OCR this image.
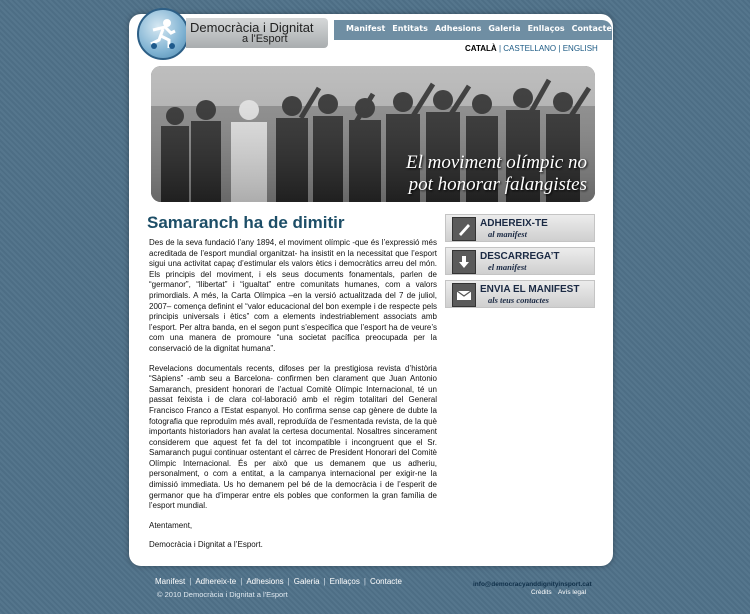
Democràcia i Dignitat
a l'Esport
Manifest Entitats Adhesions Galeria Enllaços Contacte
CATALÀ | CASTELLANO | ENGLISH
El moviment olímpic no
pot honorar falangistes
Samaranch ha de dimitir

Des de la seva fundació l’any 1894, el moviment olímpic -que és l’expressió més acreditada de l’esport mundial organitzat- ha insistit en la necessitat que l’esport sigui una activitat capaç d’estimular els valors ètics i democràtics arreu del món. Els principis del moviment, i els seus documents fonamentals, parlen de “germanor”, “llibertat” i “igualtat” entre comunitats humanes, com a valors primordials. A més, la Carta Olímpica –en la versió actualitzada del 7 de juliol, 2007– comença definint el “valor educacional del bon exemple i de respecte pels principis universals i ètics” com a elements indestriablement associats amb l’esport. Per altra banda, en el segon punt s’especifica que l’esport ha de veure’s com una manera de promoure “una societat pacífica preocupada per la conservació de la dignitat humana”.

Revelacions documentals recents, difoses per la prestigiosa revista d’història “Sàpiens” -amb seu a Barcelona- confirmen ben clarament que Juan Antonio Samaranch, president honorari de l’actual Comitè Olímpic Internacional, té un passat feixista i de clara col·laboració amb el règim totalitari del General Francisco Franco a l’Estat espanyol. Ho confirma sense cap gènere de dubte la fotografia que reproduïm més avall, reproduïda de l’esmentada revista, de la què importants historiadors han avalat la certesa documental. Nosaltres sincerament considerem que aquest fet fa del tot incompatible i incongruent que el Sr. Samaranch pugui continuar ostentant el càrrec de President Honorari del Comitè Olímpic Internacional. És per això que us demanem que us adheriu, personalment, o com a entitat, a la campanya internacional per exigir-ne la dimissió immediata. Us ho demanem pel bé de la democràcia i de l’esperit de germanor que ha d’imperar entre els pobles que conformen la gran família de l’esport mundial.

Atentament,

Democràcia i Dignitat a l’Esport.

ADHEREIX-TE
al manifest
DESCARREGA’T
el manifest
ENVIA EL MANIFEST
als teus contactes
Manifest | Adhereix-te | Adhesions | Galeria | Enllaços | Contacte
© 2010 Democràcia i Dignitat a l'Esport
info@democracyanddignityinsport.cat
Crèdits Avís legal
